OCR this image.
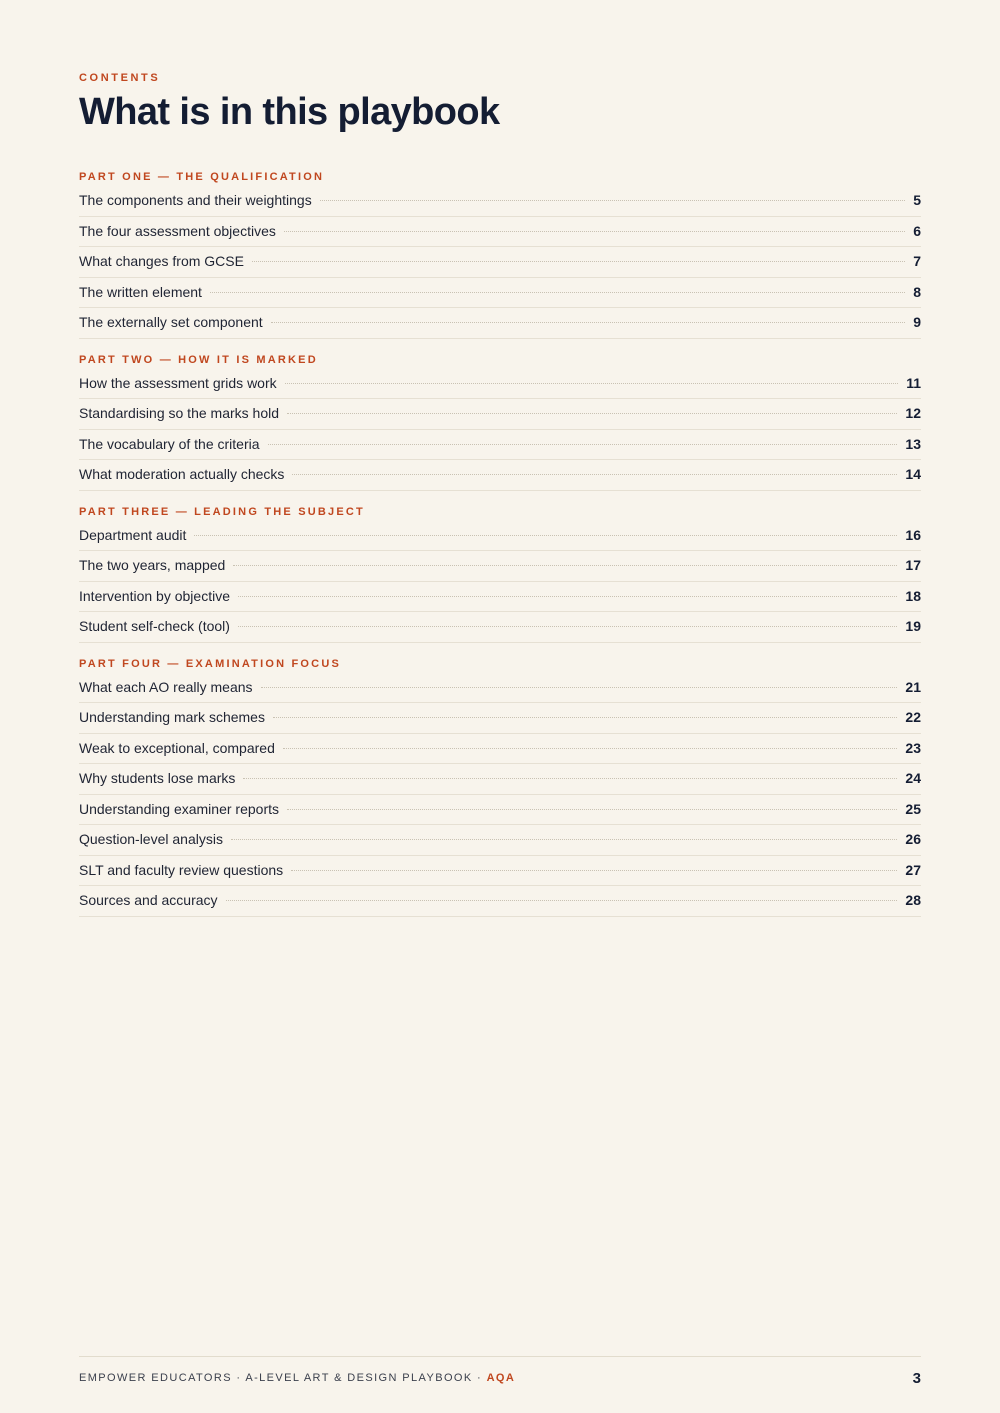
CONTENTS
What is in this playbook
PART ONE — THE QUALIFICATION
The components and their weightings	5
The four assessment objectives	6
What changes from GCSE	7
The written element	8
The externally set component	9
PART TWO — HOW IT IS MARKED
How the assessment grids work	11
Standardising so the marks hold	12
The vocabulary of the criteria	13
What moderation actually checks	14
PART THREE — LEADING THE SUBJECT
Department audit	16
The two years, mapped	17
Intervention by objective	18
Student self-check (tool)	19
PART FOUR — EXAMINATION FOCUS
What each AO really means	21
Understanding mark schemes	22
Weak to exceptional, compared	23
Why students lose marks	24
Understanding examiner reports	25
Question-level analysis	26
SLT and faculty review questions	27
Sources and accuracy	28
EMPOWER EDUCATORS · A-LEVEL ART & DESIGN PLAYBOOK · AQA	3
